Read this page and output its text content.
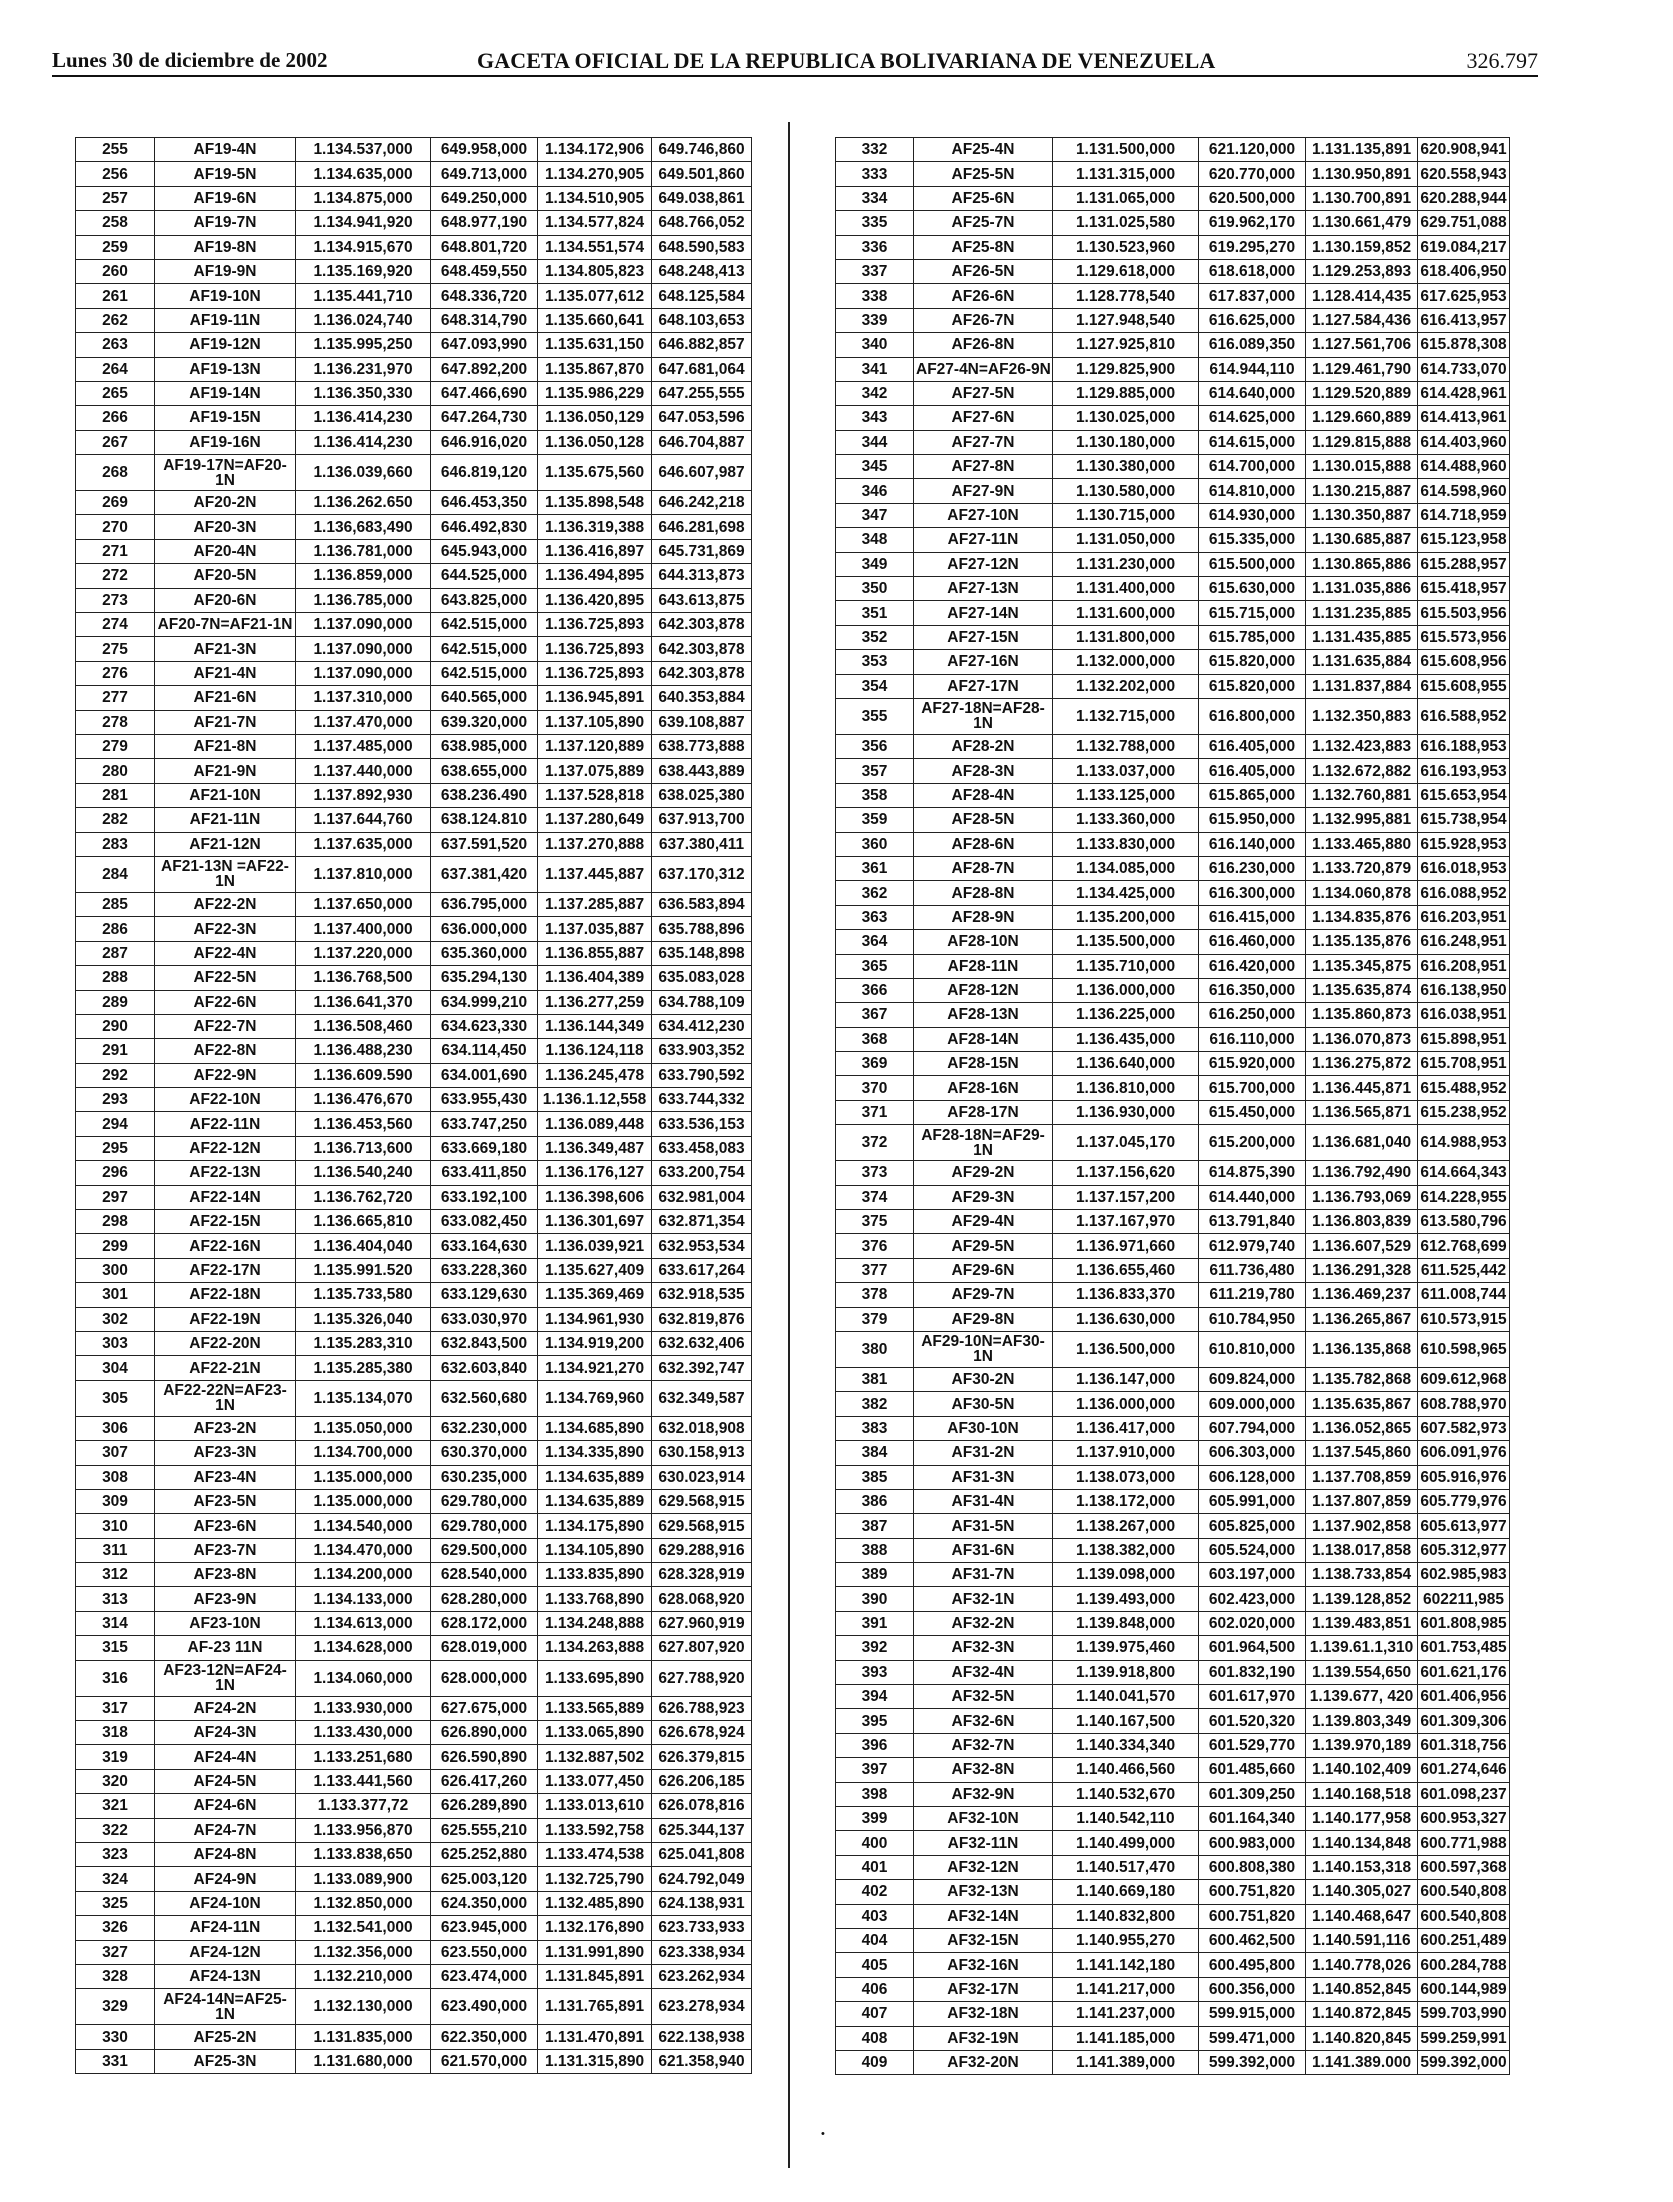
Lunes 30 de diciembre de 2002	GACETA OFICIAL DE LA REPUBLICA BOLIVARIANA DE VENEZUELA	326.797
255	AF19-4N	1.134.537,000	649.958,000	1.134.172,906	649.746,860
256	AF19-5N	1.134.635,000	649.713,000	1.134.270,905	649.501,860
257	AF19-6N	1.134.875,000	649.250,000	1.134.510,905	649.038,861
258	AF19-7N	1.134.941,920	648.977,190	1.134.577,824	648.766,052
259	AF19-8N	1.134.915,670	648.801,720	1.134.551,574	648.590,583
260	AF19-9N	1.135.169,920	648.459,550	1.134.805,823	648.248,413
261	AF19-10N	1.135.441,710	648.336,720	1.135.077,612	648.125,584
262	AF19-11N	1.136.024,740	648.314,790	1.135.660,641	648.103,653
263	AF19-12N	1.135.995,250	647.093,990	1.135.631,150	646.882,857
264	AF19-13N	1.136.231,970	647.892,200	1.135.867,870	647.681,064
265	AF19-14N	1.136.350,330	647.466,690	1.135.986,229	647.255,555
266	AF19-15N	1.136.414,230	647.264,730	1.136.050,129	647.053,596
267	AF19-16N	1.136.414,230	646.916,020	1.136.050,128	646.704,887
268	AF19-17N=AF20-1N	1.136.039,660	646.819,120	1.135.675,560	646.607,987
269	AF20-2N	1.136.262.650	646.453,350	1.135.898,548	646.242,218
270	AF20-3N	1.136,683,490	646.492,830	1.136.319,388	646.281,698
271	AF20-4N	1.136.781,000	645.943,000	1.136.416,897	645.731,869
272	AF20-5N	1.136.859,000	644.525,000	1.136.494,895	644.313,873
273	AF20-6N	1.136.785,000	643.825,000	1.136.420,895	643.613,875
274	AF20-7N=AF21-1N	1.137.090,000	642.515,000	1.136.725,893	642.303,878
275	AF21-3N	1.137.090,000	642.515,000	1.136.725,893	642.303,878
276	AF21-4N	1.137.090,000	642.515,000	1.136.725,893	642.303,878
277	AF21-6N	1.137.310,000	640.565,000	1.136.945,891	640.353,884
278	AF21-7N	1.137.470,000	639.320,000	1.137.105,890	639.108,887
279	AF21-8N	1.137.485,000	638.985,000	1.137.120,889	638.773,888
280	AF21-9N	1.137.440,000	638.655,000	1.137.075,889	638.443,889
281	AF21-10N	1.137.892,930	638.236.490	1.137.528,818	638.025,380
282	AF21-11N	1.137.644,760	638.124.810	1.137.280,649	637.913,700
283	AF21-12N	1.137.635,000	637.591,520	1.137.270,888	637.380,411
284	AF21-13N =AF22-1N	1.137.810,000	637.381,420	1.137.445,887	637.170,312
285	AF22-2N	1.137.650,000	636.795,000	1.137.285,887	636.583,894
286	AF22-3N	1.137.400,000	636.000,000	1.137.035,887	635.788,896
287	AF22-4N	1.137.220,000	635.360,000	1.136.855,887	635.148,898
288	AF22-5N	1.136.768,500	635.294,130	1.136.404,389	635.083,028
289	AF22-6N	1.136.641,370	634.999,210	1.136.277,259	634.788,109
290	AF22-7N	1.136.508,460	634.623,330	1.136.144,349	634.412,230
291	AF22-8N	1.136.488,230	634.114,450	1.136.124,118	633.903,352
292	AF22-9N	1.136.609.590	634.001,690	1.136.245,478	633.790,592
293	AF22-10N	1.136.476,670	633.955,430	1.136.1.12,558	633.744,332
294	AF22-11N	1.136.453,560	633.747,250	1.136.089,448	633.536,153
295	AF22-12N	1.136.713,600	633.669,180	1.136.349,487	633.458,083
296	AF22-13N	1.136.540,240	633.411,850	1.136.176,127	633.200,754
297	AF22-14N	1.136.762,720	633.192,100	1.136.398,606	632.981,004
298	AF22-15N	1.136.665,810	633.082,450	1.136.301,697	632.871,354
299	AF22-16N	1.136.404,040	633.164,630	1.136.039,921	632.953,534
300	AF22-17N	1.135.991.520	633.228,360	1.135.627,409	633.617,264
301	AF22-18N	1.135.733,580	633.129,630	1.135.369,469	632.918,535
302	AF22-19N	1.135.326,040	633.030,970	1.134.961,930	632.819,876
303	AF22-20N	1.135.283,310	632.843,500	1.134.919,200	632.632,406
304	AF22-21N	1.135.285,380	632.603,840	1.134.921,270	632.392,747
305	AF22-22N=AF23-1N	1.135.134,070	632.560,680	1.134.769,960	632.349,587
306	AF23-2N	1.135.050,000	632.230,000	1.134.685,890	632.018,908
307	AF23-3N	1.134.700,000	630.370,000	1.134.335,890	630.158,913
308	AF23-4N	1.135.000,000	630.235,000	1.134.635,889	630.023,914
309	AF23-5N	1.135.000,000	629.780,000	1.134.635,889	629.568,915
310	AF23-6N	1.134.540,000	629.780,000	1.134.175,890	629.568,915
311	AF23-7N	1.134.470,000	629.500,000	1.134.105,890	629.288,916
312	AF23-8N	1.134.200,000	628.540,000	1.133.835,890	628.328,919
313	AF23-9N	1.134.133,000	628.280,000	1.133.768,890	628.068,920
314	AF23-10N	1.134.613,000	628.172,000	1.134.248,888	627.960,919
315	AF-23 11N	1.134.628,000	628.019,000	1.134.263,888	627.807,920
316	AF23-12N=AF24-1N	1.134.060,000	628.000,000	1.133.695,890	627.788,920
317	AF24-2N	1.133.930,000	627.675,000	1.133.565,889	626.788,923
318	AF24-3N	1.133.430,000	626.890,000	1.133.065,890	626.678,924
319	AF24-4N	1.133.251,680	626.590,890	1.132.887,502	626.379,815
320	AF24-5N	1.133.441,560	626.417,260	1.133.077,450	626.206,185
321	AF24-6N	1.133.377,72	626.289,890	1.133.013,610	626.078,816
322	AF24-7N	1.133.956,870	625.555,210	1.133.592,758	625.344,137
323	AF24-8N	1.133.838,650	625.252,880	1.133.474,538	625.041,808
324	AF24-9N	1.133.089,900	625.003,120	1.132.725,790	624.792,049
325	AF24-10N	1.132.850,000	624.350,000	1.132.485,890	624.138,931
326	AF24-11N	1.132.541,000	623.945,000	1.132.176,890	623.733,933
327	AF24-12N	1.132.356,000	623.550,000	1.131.991,890	623.338,934
328	AF24-13N	1.132.210,000	623.474,000	1.131.845,891	623.262,934
329	AF24-14N=AF25-1N	1.132.130,000	623.490,000	1.131.765,891	623.278,934
330	AF25-2N	1.131.835,000	622.350,000	1.131.470,891	622.138,938
331	AF25-3N	1.131.680,000	621.570,000	1.131.315,890	621.358,940
332	AF25-4N	1.131.500,000	621.120,000	1.131.135,891	620.908,941
333	AF25-5N	1.131.315,000	620.770,000	1.130.950,891	620.558,943
334	AF25-6N	1.131.065,000	620.500,000	1.130.700,891	620.288,944
335	AF25-7N	1.131.025,580	619.962,170	1.130.661,479	629.751,088
336	AF25-8N	1.130.523,960	619.295,270	1.130.159,852	619.084,217
337	AF26-5N	1.129.618,000	618.618,000	1.129.253,893	618.406,950
338	AF26-6N	1.128.778,540	617.837,000	1.128.414,435	617.625,953
339	AF26-7N	1.127.948,540	616.625,000	1.127.584,436	616.413,957
340	AF26-8N	1.127.925,810	616.089,350	1.127.561,706	615.878,308
341	AF27-4N=AF26-9N	1.129.825,900	614.944,110	1.129.461,790	614.733,070
342	AF27-5N	1.129.885,000	614.640,000	1.129.520,889	614.428,961
343	AF27-6N	1.130.025,000	614.625,000	1.129.660,889	614.413,961
344	AF27-7N	1.130.180,000	614.615,000	1.129.815,888	614.403,960
345	AF27-8N	1.130.380,000	614.700,000	1.130.015,888	614.488,960
346	AF27-9N	1.130.580,000	614.810,000	1.130.215,887	614.598,960
347	AF27-10N	1.130.715,000	614.930,000	1.130.350,887	614.718,959
348	AF27-11N	1.131.050,000	615.335,000	1.130.685,887	615.123,958
349	AF27-12N	1.131.230,000	615.500,000	1.130.865,886	615.288,957
350	AF27-13N	1.131.400,000	615.630,000	1.131.035,886	615.418,957
351	AF27-14N	1.131.600,000	615.715,000	1.131.235,885	615.503,956
352	AF27-15N	1.131.800,000	615.785,000	1.131.435,885	615.573,956
353	AF27-16N	1.132.000,000	615.820,000	1.131.635,884	615.608,956
354	AF27-17N	1.132.202,000	615.820,000	1.131.837,884	615.608,955
355	AF27-18N=AF28-1N	1.132.715,000	616.800,000	1.132.350,883	616.588,952
356	AF28-2N	1.132.788,000	616.405,000	1.132.423,883	616.188,953
357	AF28-3N	1.133.037,000	616.405,000	1.132.672,882	616.193,953
358	AF28-4N	1.133.125,000	615.865,000	1.132.760,881	615.653,954
359	AF28-5N	1.133.360,000	615.950,000	1.132.995,881	615.738,954
360	AF28-6N	1.133.830,000	616.140,000	1.133.465,880	615.928,953
361	AF28-7N	1.134.085,000	616.230,000	1.133.720,879	616.018,953
362	AF28-8N	1.134.425,000	616.300,000	1.134.060,878	616.088,952
363	AF28-9N	1.135.200,000	616.415,000	1.134.835,876	616.203,951
364	AF28-10N	1.135.500,000	616.460,000	1.135.135,876	616.248,951
365	AF28-11N	1.135.710,000	616.420,000	1.135.345,875	616.208,951
366	AF28-12N	1.136.000,000	616.350,000	1.135.635,874	616.138,950
367	AF28-13N	1.136.225,000	616.250,000	1.135.860,873	616.038,951
368	AF28-14N	1.136.435,000	616.110,000	1.136.070,873	615.898,951
369	AF28-15N	1.136.640,000	615.920,000	1.136.275,872	615.708,951
370	AF28-16N	1.136.810,000	615.700,000	1.136.445,871	615.488,952
371	AF28-17N	1.136.930,000	615.450,000	1.136.565,871	615.238,952
372	AF28-18N=AF29-1N	1.137.045,170	615.200,000	1.136.681,040	614.988,953
373	AF29-2N	1.137.156,620	614.875,390	1.136.792,490	614.664,343
374	AF29-3N	1.137.157,200	614.440,000	1.136.793,069	614.228,955
375	AF29-4N	1.137.167,970	613.791,840	1.136.803,839	613.580,796
376	AF29-5N	1.136.971,660	612.979,740	1.136.607,529	612.768,699
377	AF29-6N	1.136.655,460	611.736,480	1.136.291,328	611.525,442
378	AF29-7N	1.136.833,370	611.219,780	1.136.469,237	611.008,744
379	AF29-8N	1.136.630,000	610.784,950	1.136.265,867	610.573,915
380	AF29-10N=AF30-1N	1.136.500,000	610.810,000	1.136.135,868	610.598,965
381	AF30-2N	1.136.147,000	609.824,000	1.135.782,868	609.612,968
382	AF30-5N	1.136.000,000	609.000,000	1.135.635,867	608.788,970
383	AF30-10N	1.136.417,000	607.794,000	1.136.052,865	607.582,973
384	AF31-2N	1.137.910,000	606.303,000	1.137.545,860	606.091,976
385	AF31-3N	1.138.073,000	606.128,000	1.137.708,859	605.916,976
386	AF31-4N	1.138.172,000	605.991,000	1.137.807,859	605.779,976
387	AF31-5N	1.138.267,000	605.825,000	1.137.902,858	605.613,977
388	AF31-6N	1.138.382,000	605.524,000	1.138.017,858	605.312,977
389	AF31-7N	1.139.098,000	603.197,000	1.138.733,854	602.985,983
390	AF32-1N	1.139.493,000	602.423,000	1.139.128,852	602211,985
391	AF32-2N	1.139.848,000	602.020,000	1.139.483,851	601.808,985
392	AF32-3N	1.139.975,460	601.964,500	1.139.61.1,310	601.753,485
393	AF32-4N	1.139.918,800	601.832,190	1.139.554,650	601.621,176
394	AF32-5N	1.140.041,570	601.617,970	1.139.677, 420	601.406,956
395	AF32-6N	1.140.167,500	601.520,320	1.139.803,349	601.309,306
396	AF32-7N	1.140.334,340	601.529,770	1.139.970,189	601.318,756
397	AF32-8N	1.140.466,560	601.485,660	1.140.102,409	601.274,646
398	AF32-9N	1.140.532,670	601.309,250	1.140.168,518	601.098,237
399	AF32-10N	1.140.542,110	601.164,340	1.140.177,958	600.953,327
400	AF32-11N	1.140.499,000	600.983,000	1.140.134,848	600.771,988
401	AF32-12N	1.140.517,470	600.808,380	1.140.153,318	600.597,368
402	AF32-13N	1.140.669,180	600.751,820	1.140.305,027	600.540,808
403	AF32-14N	1.140.832,800	600.751,820	1.140.468,647	600.540,808
404	AF32-15N	1.140.955,270	600.462,500	1.140.591,116	600.251,489
405	AF32-16N	1.141.142,180	600.495,800	1.140.778,026	600.284,788
406	AF32-17N	1.141.217,000	600.356,000	1.140.852,845	600.144,989
407	AF32-18N	1.141.237,000	599.915,000	1.140.872,845	599.703,990
408	AF32-19N	1.141.185,000	599.471,000	1.140.820,845	599.259,991
409	AF32-20N	1.141.389,000	599.392,000	1.141.389.000	599.392,000
•
